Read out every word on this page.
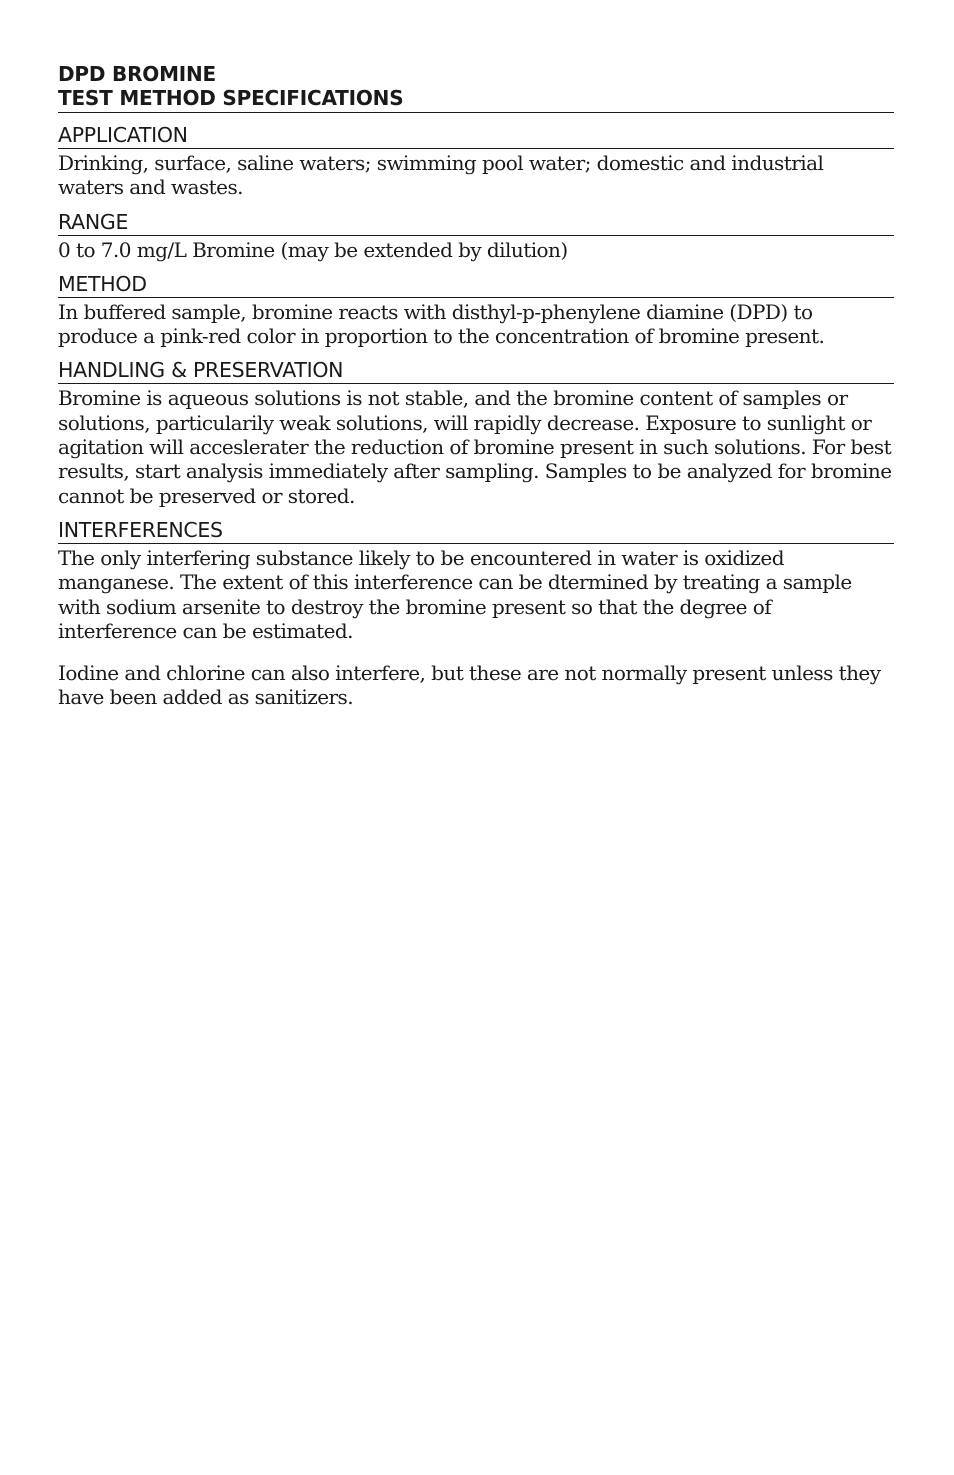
DPD BROMINE
TEST METHOD SPECIFICATIONS
APPLICATION

Drinking, surface, saline waters; swimming pool water; domestic and industrial waters and wastes.

RANGE

0 to 7.0 mg/L Bromine (may be extended by dilution)

METHOD

In buffered sample, bromine reacts with disthyl-p-phenylene diamine (DPD) to produce a pink-red color in proportion to the concentration of bromine present.

HANDLING & PRESERVATION

Bromine is aqueous solutions is not stable, and the bromine content of samples or solutions, particularily weak solutions, will rapidly decrease. Exposure to sunlight or agitation will acceslerater the reduction of bromine present in such solutions. For best results, start analysis immediately after sampling. Samples to be analyzed for bromine cannot be preserved or stored.

INTERFERENCES

The only interfering substance likely to be encountered in water is oxidized manganese. The extent of this interference can be dtermined by treating a sample with sodium arsenite to destroy the bromine present so that the degree of interference can be estimated.

Iodine and chlorine can also interfere, but these are not normally present unless they have been added as sanitizers.
